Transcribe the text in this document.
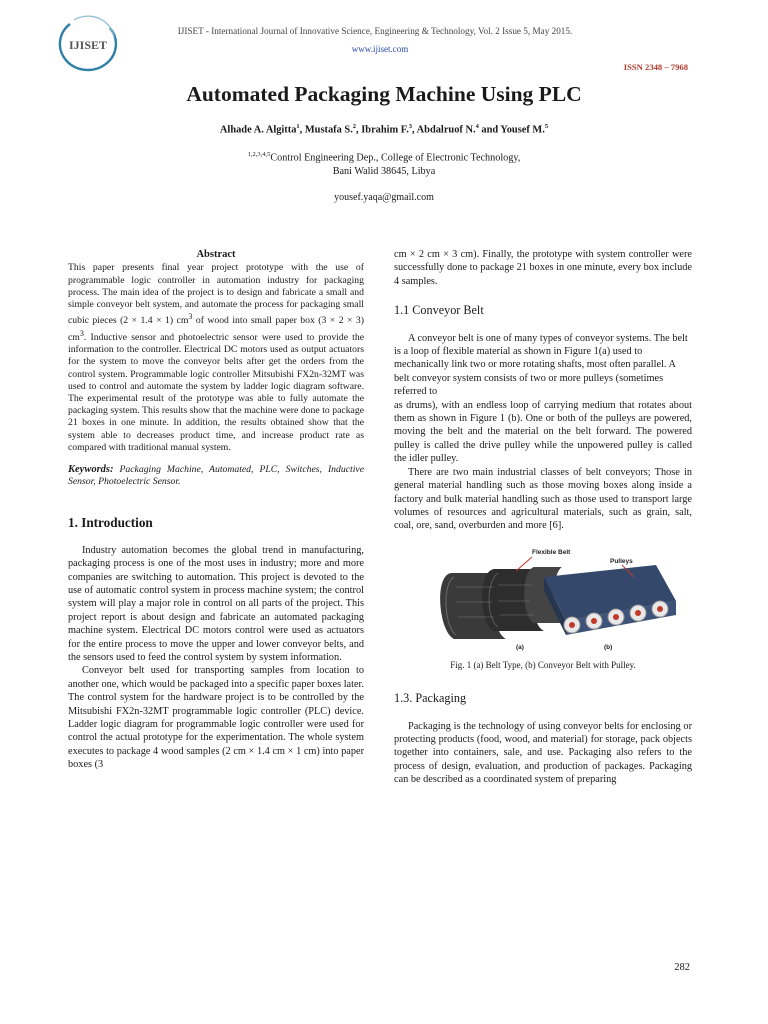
IJISET
IJISET - International Journal of Innovative Science, Engineering & Technology, Vol. 2 Issue 5, May 2015.
www.ijiset.com
ISSN 2348 – 7968
Automated Packaging Machine Using PLC
Alhade A. Algitta$^1$, Mustafa S.$^2$, Ibrahim F.$^3$, Abdalruof N.$^4$ and Yousef M.$^5$
$^{1,2,3,4,5}$Control Engineering Dep., College of Electronic Technology,
Bani Walid 38645, Libya
yousef.yaqa@gmail.com
Abstract

This paper presents final year project prototype with the use of programmable logic controller in automation industry for packaging process. The main idea of the project is to design and fabricate a small and simple conveyor belt system, and automate the process for packaging small cubic pieces (2 × 1.4 × 1) $cm^3$ of wood into small paper box (3 × 2 × 3) $cm^3$. Inductive sensor and photoelectric sensor were used to provide the information to the controller. Electrical DC motors used as output actuators for the system to move the conveyor belts after get the orders from the control system. Programmable logic controller Mitsubishi FX2n-32MT was used to control and automate the system by ladder logic diagram software. The experimental result of the prototype was able to fully automate the packaging system. This results show that the machine were done to package 21 boxes in one minute. In addition, the results obtained show that the system able to decreases product time, and increase product rate as compared with traditional manual system.

Keywords: Packaging Machine, Automated, PLC, Switches, Inductive Sensor, Photoelectric Sensor.

1. Introduction

Industry automation becomes the global trend in manufacturing, packaging process is one of the most uses in industry; more and more companies are switching to automation. This project is devoted to the use of automatic control system in process machine system; the control system will play a major role in control on all parts of the project. This project report is about design and fabricate an automated packaging machine system. Electrical DC motors control were used as actuators for the entire process to move the upper and lower conveyor belts, and the sensors used to feed the control system by system information.

Conveyor belt used for transporting samples from location to another one, which would be packaged into a specific paper boxes later. The control system for the hardware project is to be controlled by the Mitsubishi FX2n-32MT programmable logic controller (PLC) device. Ladder logic diagram for programmable logic controller were used for control the actual prototype for the experimentation. The whole system executes to package 4 wood samples (2 cm × 1.4 cm × 1 cm) into paper boxes (3

cm × 2 cm × 3 cm). Finally, the prototype with system controller were successfully done to package 21 boxes in one minute, every box include 4 samples.

1.1 Conveyor Belt

A conveyor belt is one of many types of conveyor systems. The belt is a loop of flexible material as shown in Figure 1(a) used to mechanically link two or more rotating shafts, most often parallel. A belt conveyor system consists of two or more pulleys (sometimes referred to

as drums), with an endless loop of carrying medium that rotates about them as shown in Figure 1 (b). One or both of the pulleys are powered, moving the belt and the material on the belt forward. The powered pulley is called the drive pulley while the unpowered pulley is called the idler pulley.

There are two main industrial classes of belt conveyors; Those in general material handling such as those moving boxes along inside a factory and bulk material handling such as those used to transport large volumes of resources and agricultural materials, such as grain, salt, coal, ore, sand, overburden and more [6].

Flexible Belt
Pulleys
(a)	(b)

Fig. 1 (a) Belt Type, (b) Conveyor Belt with Pulley.

1.3. Packaging

Packaging is the technology of using conveyor belts for enclosing or protecting products (food, wood, and material) for storage, pack objects together into containers, sale, and use. Packaging also refers to the process of design, evaluation, and production of packages. Packaging can be described as a coordinated system of preparing

282
